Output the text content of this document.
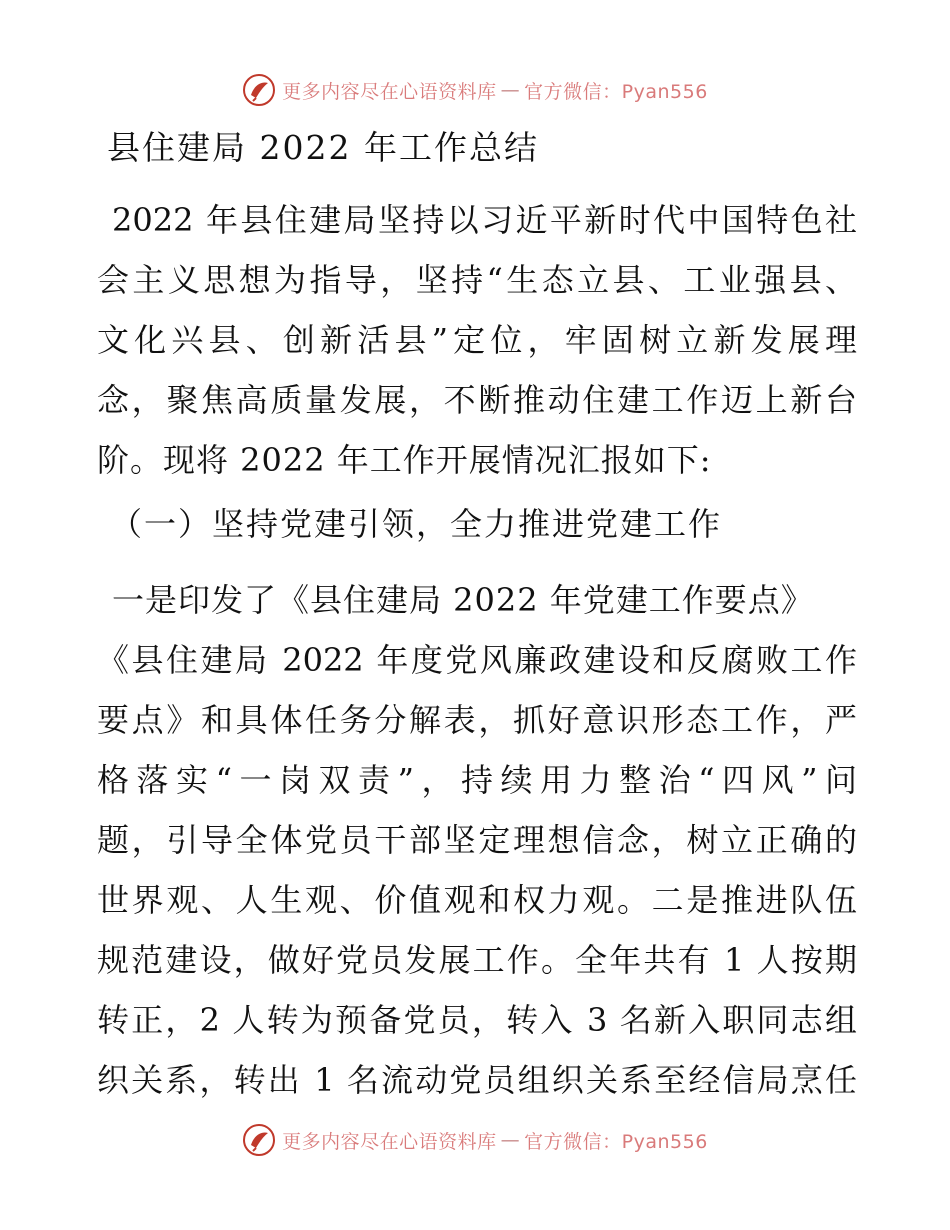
更多内容尽在心语资料库 — 官方微信：Pyan556
县住建局 2022 年工作总结
2022 年县住建局坚持以习近平新时代中国特色社
会主义思想为指导，坚持“生态立县、工业强县、
文化兴县、创新活县”定位，牢固树立新发展理
念，聚焦高质量发展，不断推动住建工作迈上新台
阶。现将 2022 年工作开展情况汇报如下:
（一）坚持党建引领，全力推进党建工作
一是印发了《县住建局 2022 年党建工作要点》
《县住建局 2022 年度党风廉政建设和反腐败工作
要点》和具体任务分解表，抓好意识形态工作，严
格落实“一岗双责”，持续用力整治“四风”问
题，引导全体党员干部坚定理想信念，树立正确的
世界观、人生观、价值观和权力观。二是推进队伍
规范建设，做好党员发展工作。全年共有 1 人按期
转正，2 人转为预备党员，转入 3 名新入职同志组
织关系，转出 1 名流动党员组织关系至经信局烹任
更多内容尽在心语资料库 — 官方微信：Pyan556
